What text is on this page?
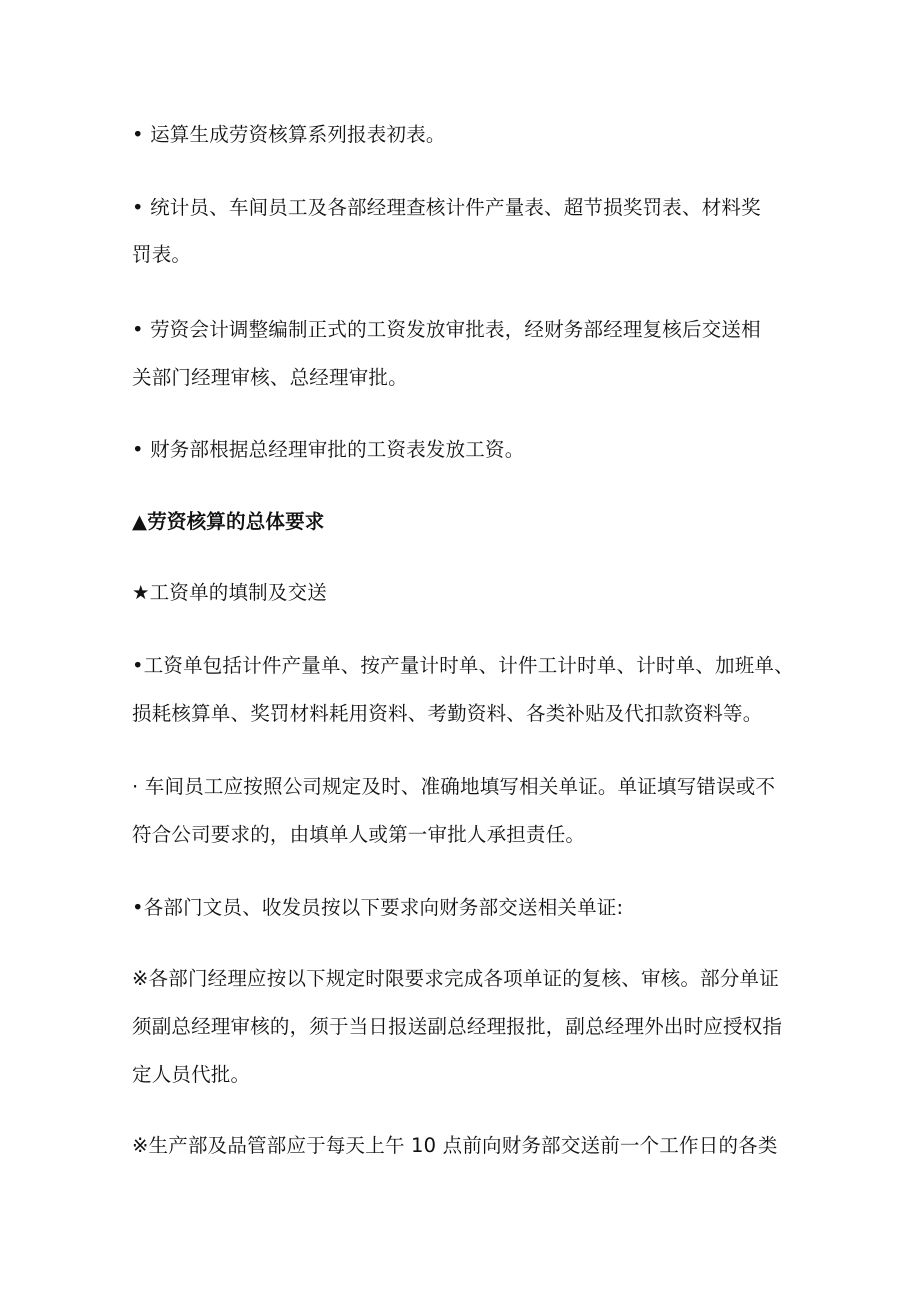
• 运算生成劳资核算系列报表初表。
• 统计员、车间员工及各部经理查核计件产量表、超节损奖罚表、材料奖
罚表。
• 劳资会计调整编制正式的工资发放审批表，经财务部经理复核后交送相
关部门经理审核、总经理审批。
• 财务部根据总经理审批的工资表发放工资。
▲劳资核算的总体要求
★工资单的填制及交送
•工资单包括计件产量单、按产量计时单、计件工计时单、计时单、加班单、
损耗核算单、奖罚材料耗用资料、考勤资料、各类补贴及代扣款资料等。
· 车间员工应按照公司规定及时、准确地填写相关单证。单证填写错误或不
符合公司要求的，由填单人或第一审批人承担责任。
•各部门文员、收发员按以下要求向财务部交送相关单证:
※各部门经理应按以下规定时限要求完成各项单证的复核、审核。部分单证
须副总经理审核的，须于当日报送副总经理报批，副总经理外出时应授权指
定人员代批。
※生产部及品管部应于每天上午 10 点前向财务部交送前一个工作日的各类
